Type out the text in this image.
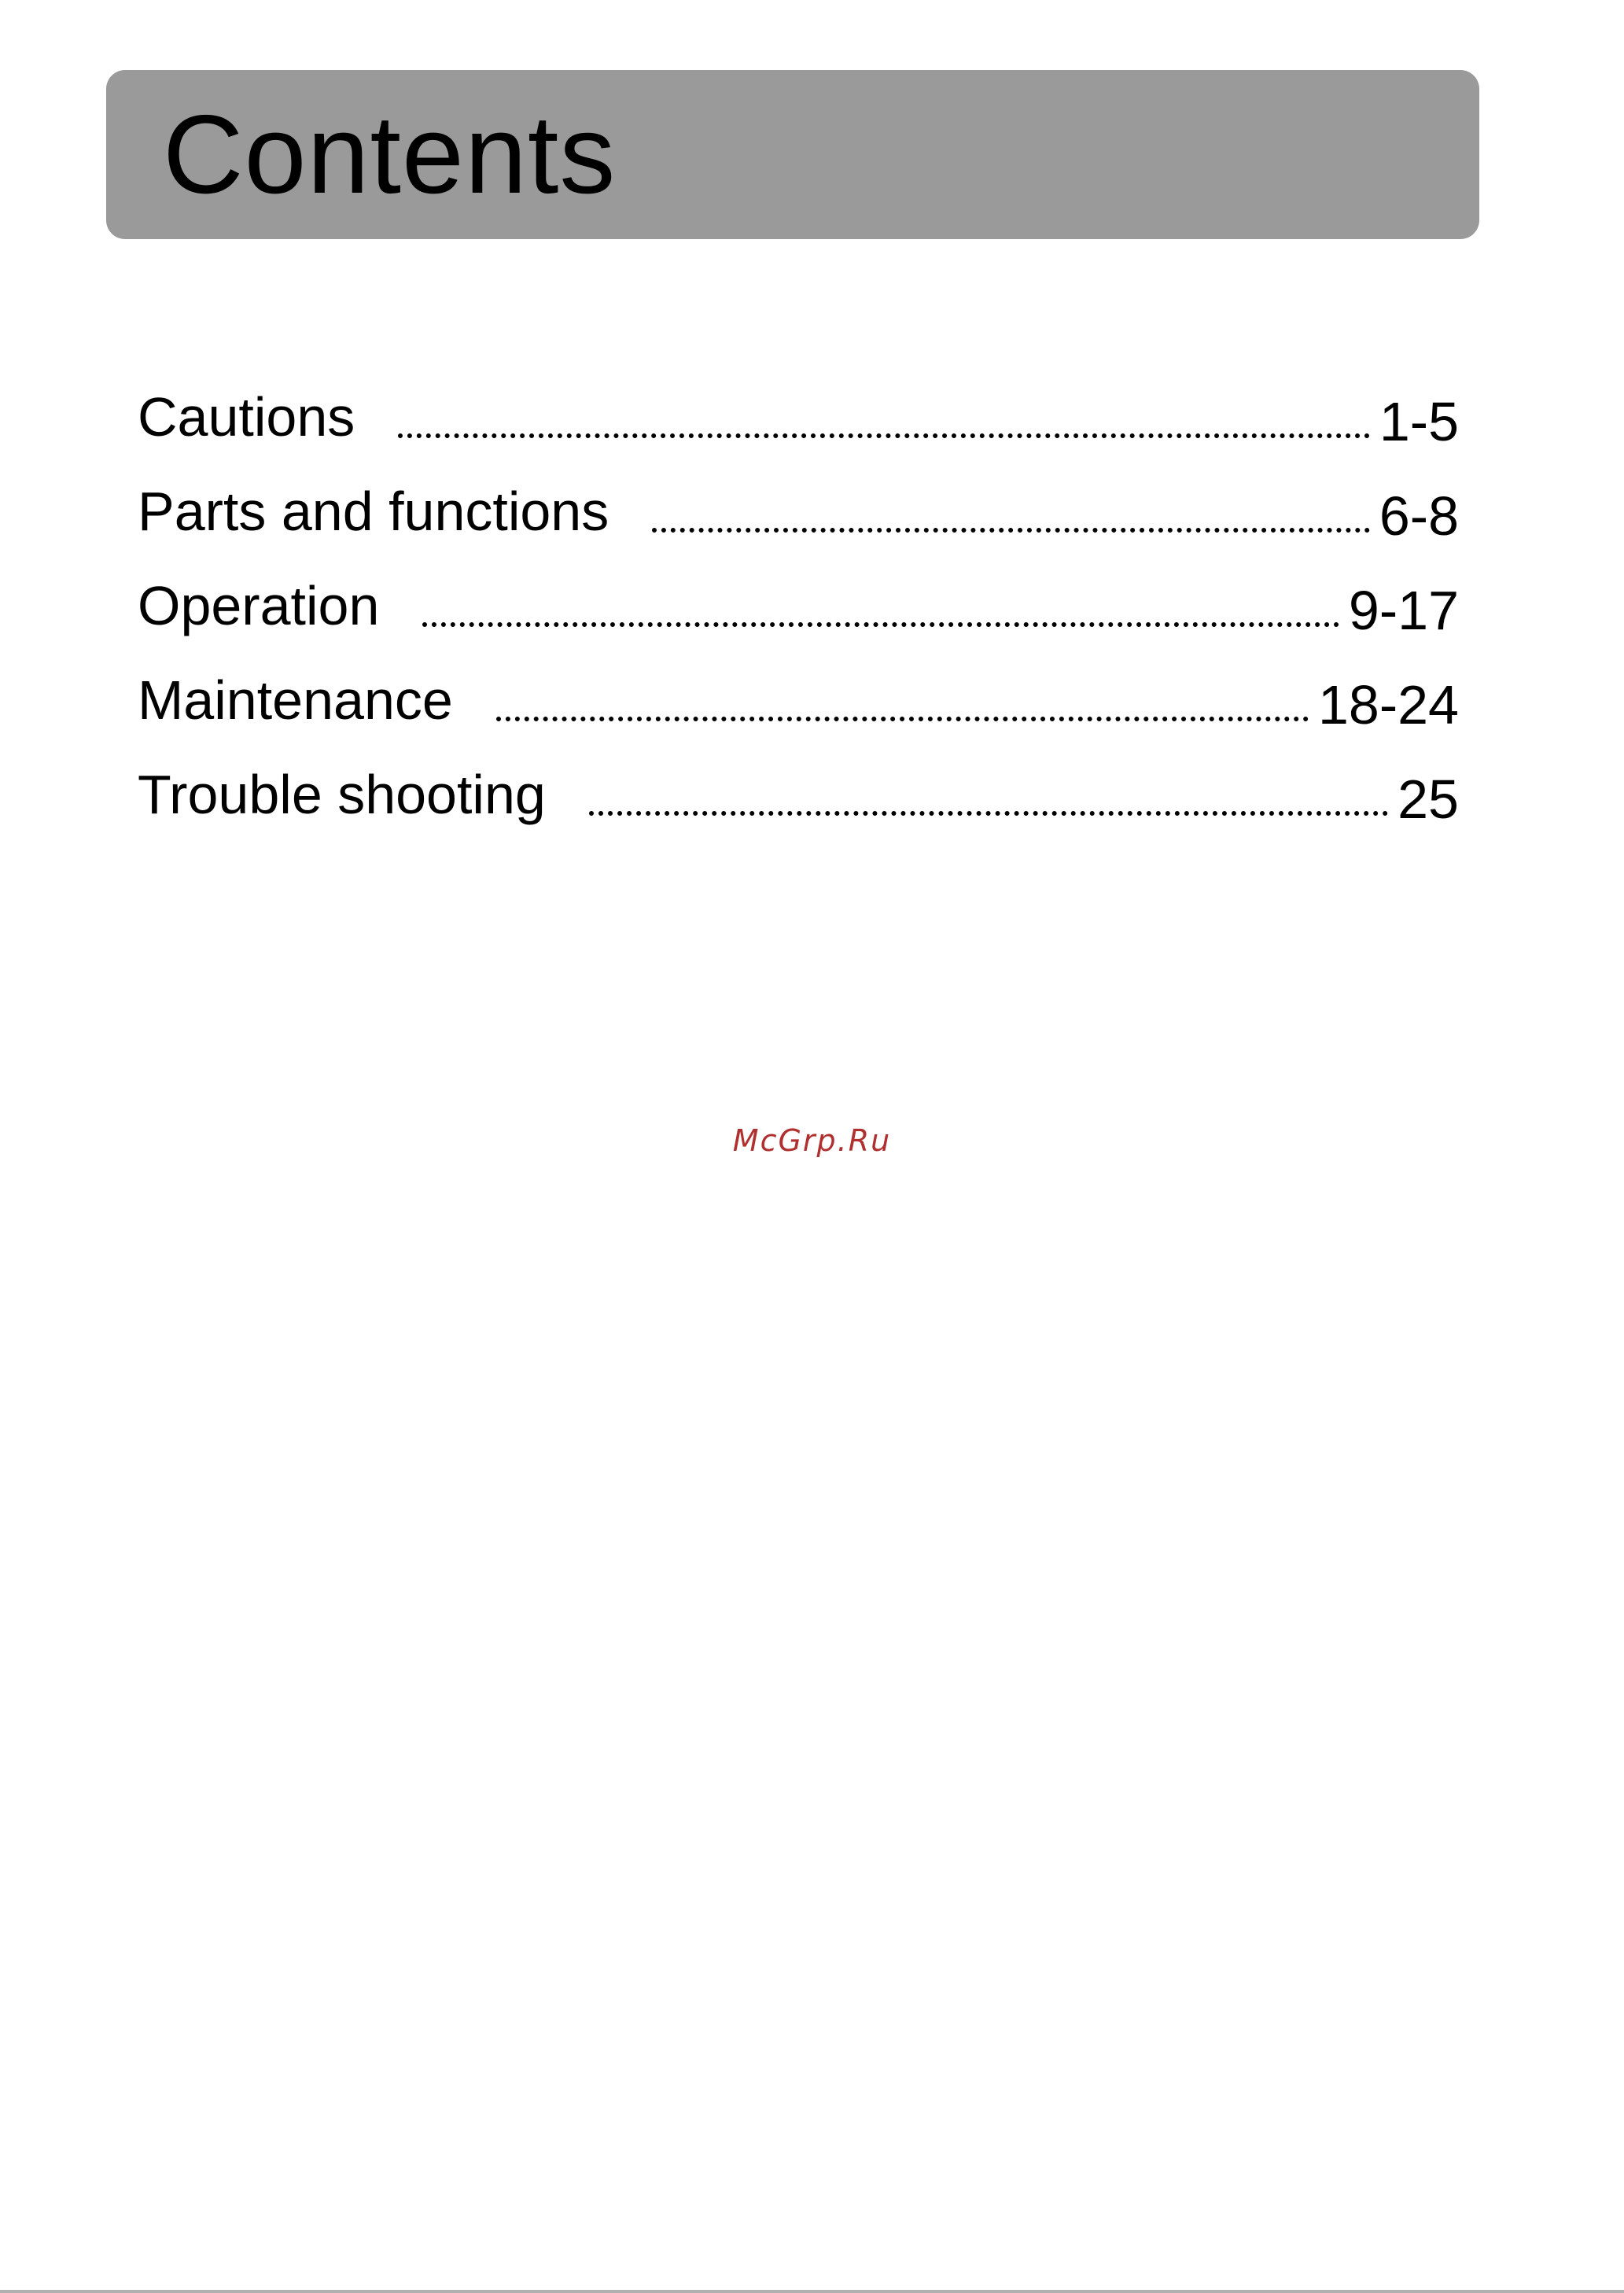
Contents
Cautions	1-5
Parts and functions	6-8
Operation	9-17
Maintenance	18-24
Trouble shooting	25
McGrp.Ru
